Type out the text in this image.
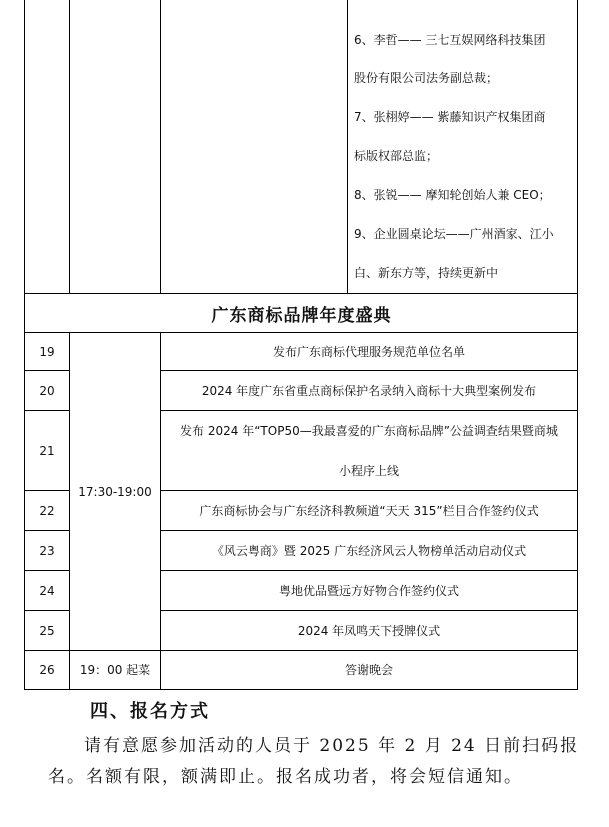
6、李哲—— 三七互娱网络科技集团
股份有限公司法务副总裁；
7、张栩婷—— 紫藤知识产权集团商
标版权部总监；
8、张锐—— 摩知轮创始人兼 CEO；
9、企业圆桌论坛——广州酒家、江小
白、新东方等，持续更新中
广东商标品牌年度盛典
17:30-19:00
19
20
21
22
23
24
25
26	19：00 起菜
发布广东商标代理服务规范单位名单
2024 年度广东省重点商标保护名录纳入商标十大典型案例发布
发布 2024 年“TOP50—我最喜爱的广东商标品牌”公益调查结果暨商城
小程序上线
广东商标协会与广东经济科教频道“天天 315”栏目合作签约仪式
《风云粤商》暨 2025 广东经济风云人物榜单活动启动仪式
粤地优品暨远方好物合作签约仪式
2024 年凤鸣天下授牌仪式
答谢晚会
四、报名方式
请有意愿参加活动的人员于 2025 年 2 月 24 日前扫码报
名。名额有限，额满即止。报名成功者，将会短信通知。
